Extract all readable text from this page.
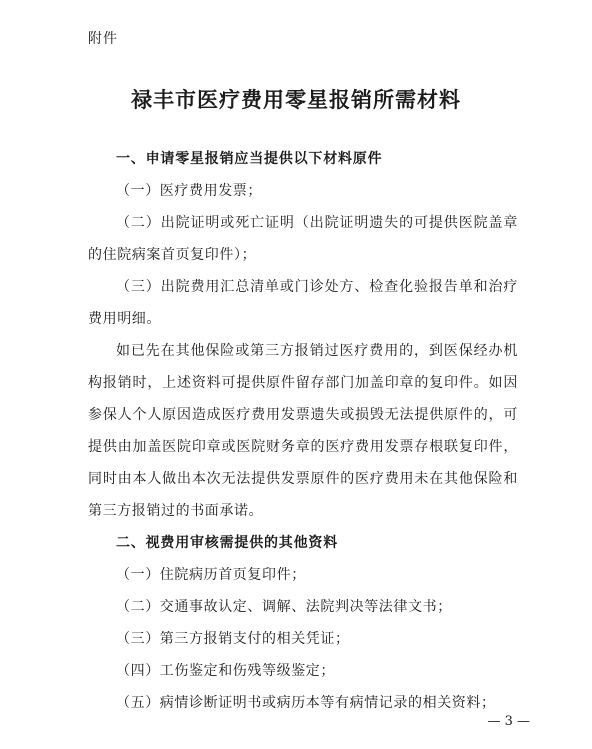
附件
禄丰市医疗费用零星报销所需材料
一、申请零星报销应当提供以下材料原件

（一）医疗费用发票；

（二）出院证明或死亡证明（出院证明遗失的可提供医院盖章的住院病案首页复印件）；

（三）出院费用汇总清单或门诊处方、检查化验报告单和治疗费用明细。

如已先在其他保险或第三方报销过医疗费用的，到医保经办机构报销时，上述资料可提供原件留存部门加盖印章的复印件。如因参保人个人原因造成医疗费用发票遗失或损毁无法提供原件的，可提供由加盖医院印章或医院财务章的医疗费用发票存根联复印件，同时由本人做出本次无法提供发票原件的医疗费用未在其他保险和第三方报销过的书面承诺。

二、视费用审核需提供的其他资料

（一）住院病历首页复印件；

（二）交通事故认定、调解、法院判决等法律文书；

（三）第三方报销支付的相关凭证；

（四）工伤鉴定和伤残等级鉴定；

（五）病情诊断证明书或病历本等有病情记录的相关资料；

— 3 —
